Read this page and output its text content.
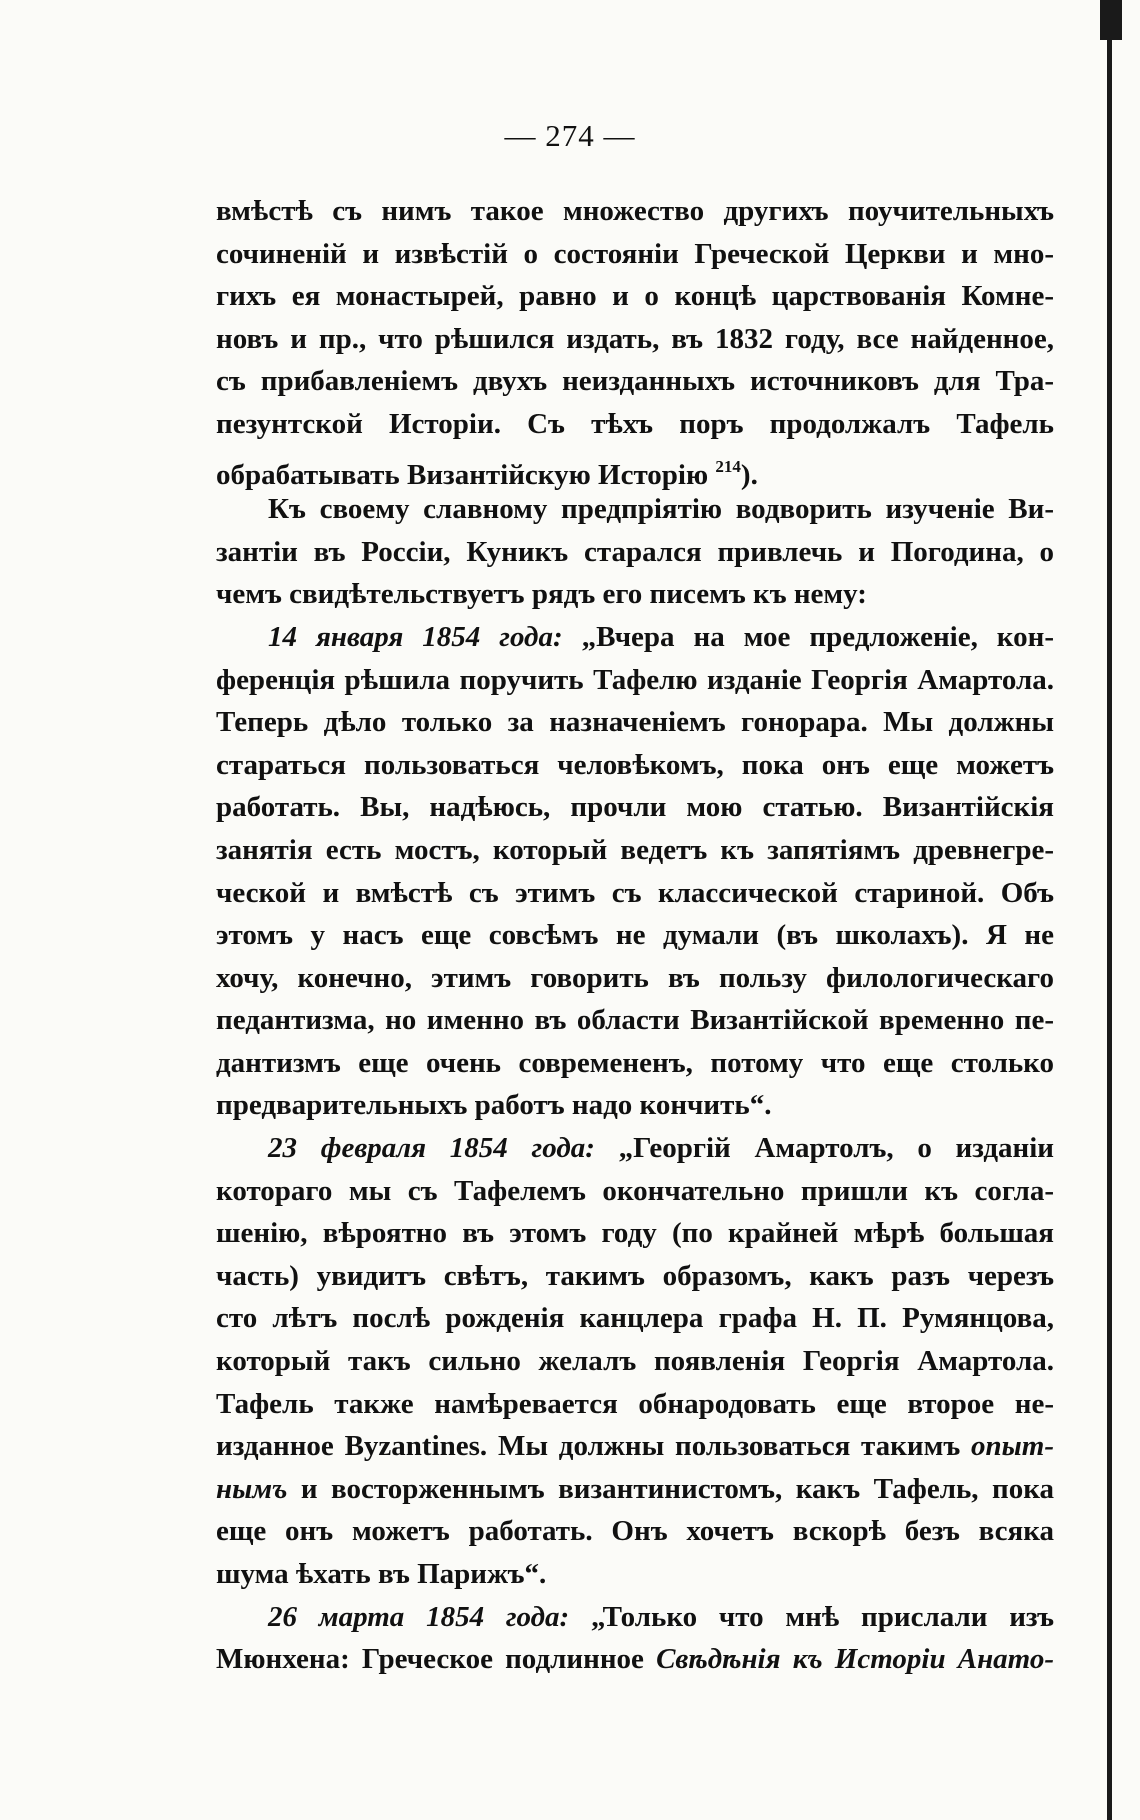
— 274 —
вмѣстѣ съ нимъ такое множество другихъ поучительныхъ
сочиненій и извѣстій о состояніи Греческой Церкви и мно-
гихъ ея монастырей, равно и о концѣ царствованія Комне-
новъ и пр., что рѣшился издать, въ 1832 году, все найденное,
съ прибавленіемъ двухъ неизданныхъ источниковъ для Тра-
пезунтской Исторіи. Съ тѣхъ поръ продолжалъ Тафель
обрабатывать Византійскую Исторію $^{214}$).
Къ своему славному предпріятію водворить изученіе Ви-
зантіи въ Россіи, Куникъ старался привлечь и Погодина, о
чемъ свидѣтельствуетъ рядъ его писемъ къ нему:
14 января 1854 года: „Вчера на мое предложеніе, кон-
ференція рѣшила поручить Тафелю изданіе Георгія Амартола.
Теперь дѣло только за назначеніемъ гонорара. Мы должны
стараться пользоваться человѣкомъ, пока онъ еще можетъ
работать. Вы, надѣюсь, прочли мою статью. Византійскія
занятія есть мостъ, который ведетъ къ запятіямъ древнегре-
ческой и вмѣстѣ съ этимъ съ классической стариной. Объ
этомъ у насъ еще совсѣмъ не думали (въ школахъ). Я не
хочу, конечно, этимъ говорить въ пользу филологическаго
педантизма, но именно въ области Византійской временно пе-
дантизмъ еще очень современенъ, потому что еще столько
предварительныхъ работъ надо кончить“.
23 февраля 1854 года: „Георгій Амартолъ, о изданіи
котораго мы съ Тафелемъ окончательно пришли къ согла-
шенію, вѣроятно въ этомъ году (по крайней мѣрѣ большая
часть) увидитъ свѣтъ, такимъ образомъ, какъ разъ черезъ
сто лѣтъ послѣ рожденія канцлера графа Н. П. Румянцова,
который такъ сильно желалъ появленія Георгія Амартола.
Тафель также намѣревается обнародовать еще второе не-
изданное Byzantines. Мы должны пользоваться такимъ опыт-
нымъ и восторженнымъ византинистомъ, какъ Тафель, пока
еще онъ можетъ работать. Онъ хочетъ вскорѣ безъ всяка
шума ѣхать въ Парижъ“.
26 марта 1854 года: „Только что мнѣ прислали изъ
Мюнхена: Греческое подлинное Свѣдѣнія къ Исторіи Анато-
